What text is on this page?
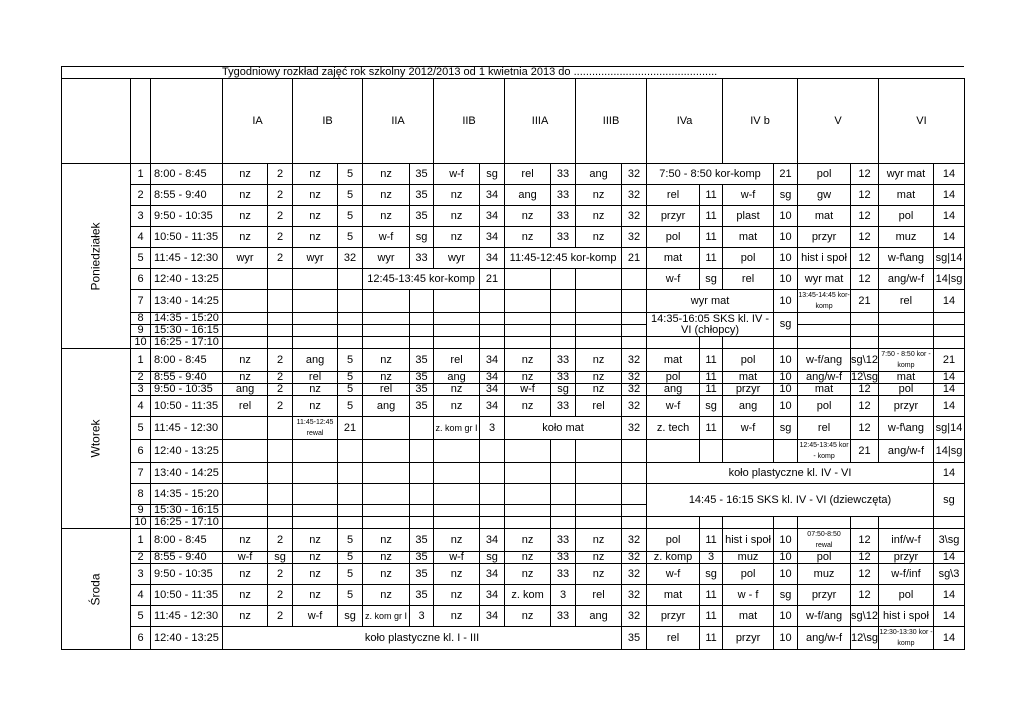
Tygodniowy rozkład zajęć rok szkolny 2012/2013 od 1 kwietnia 2013 do ...............................................																						
			IA		IB		IIA		IIB		IIIA		IIIB		IVa		IV b		V		VI	
Poniedziałek	1	8:00 - 8:45	nz	2	nz	5	nz	35	w-f	sg	rel	33	ang	32	7:50 - 8:50 kor-komp			21	pol	12	wyr mat	14
	2	8:55 - 9:40	nz	2	nz	5	nz	35	nz	34	ang	33	nz	32	rel	11	w-f	sg	gw	12	mat	14
	3	9:50 - 10:35	nz	2	nz	5	nz	35	nz	34	nz	33	nz	32	przyr	11	plast	10	mat	12	pol	14
	4	10:50 - 11:35	nz	2	nz	5	w-f	sg	nz	34	nz	33	nz	32	pol	11	mat	10	przyr	12	muz	14
	5	11:45 - 12:30	wyr	2	wyr	32	wyr	33	wyr	34	11:45-12:45 kor-komp			21	mat	11	pol	10	hist i społ	12	w-f\ang	sg|14
	6	12:40 - 13:25					12:45-13:45 kor-komp			21					w-f	sg	rel	10	wyr mat	12	ang/w-f	14|sg
	7	13:40 - 14:25													wyr mat			10	13:45-14:45 kor-komp	21	rel	14
	8	14:35 - 15:20													14:35-16:05 SKS kl. IV - VI (chłopcy)			sg				
	9	15:30 - 16:15																				
	10	16:25 - 17:10																				
Wtorek	1	8:00 - 8:45	nz	2	ang	5	nz	35	rel	34	nz	33	nz	32	mat	11	pol	10	w-f/ang	sg\12	7:50 - 8:50 kor - komp	21
	2	8:55 - 9:40	nz	2	rel	5	nz	35	ang	34	nz	33	nz	32	pol	11	mat	10	ang/w-f	12\sg	mat	14
	3	9:50 - 10:35	ang	2	nz	5	rel	35	nz	34	w-f	sg	nz	32	ang	11	przyr	10	mat	12	pol	14
	4	10:50 - 11:35	rel	2	nz	5	ang	35	nz	34	nz	33	rel	32	w-f	sg	ang	10	pol	12	przyr	14
	5	11:45 - 12:30			11:45-12:45 rewal	21			z. kom gr I	3	koło mat			32	z. tech	11	w-f	sg	rel	12	w-f\ang	sg|14
	6	12:40 - 13:25																	12:45-13:45 kor - komp	21	ang/w-f	14|sg
	7	13:40 - 14:25													koło plastyczne kl. IV - VI							14
	8	14:35 - 15:20													14:45 - 16:15 SKS kl. IV - VI (dziewczęta)							sg
	9	15:30 - 16:15																				
	10	16:25 - 17:10																				
Środa	1	8:00 - 8:45	nz	2	nz	5	nz	35	nz	34	nz	33	nz	32	pol	11	hist i społ	10	07:50-8:50 rewal	12	inf/w-f	3\sg
	2	8:55 - 9:40	w-f	sg	nz	5	nz	35	w-f	sg	nz	33	nz	32	z. komp	3	muz	10	pol	12	przyr	14
	3	9:50 - 10:35	nz	2	nz	5	nz	35	nz	34	nz	33	nz	32	w-f	sg	pol	10	muz	12	w-f/inf	sg\3
	4	10:50 - 11:35	nz	2	nz	5	nz	35	nz	34	z. kom	3	rel	32	mat	11	w - f	sg	przyr	12	pol	14
	5	11:45 - 12:30	nz	2	w-f	sg	z. kom gr I	3	nz	34	nz	33	ang	32	przyr	11	mat	10	w-f/ang	sg\12	hist i społ	14
	6	12:40 - 13:25	koło plastyczne kl. I - III											35	rel	11	przyr	10	ang/w-f	12\sg	12:30-13:30 kor - komp	14
